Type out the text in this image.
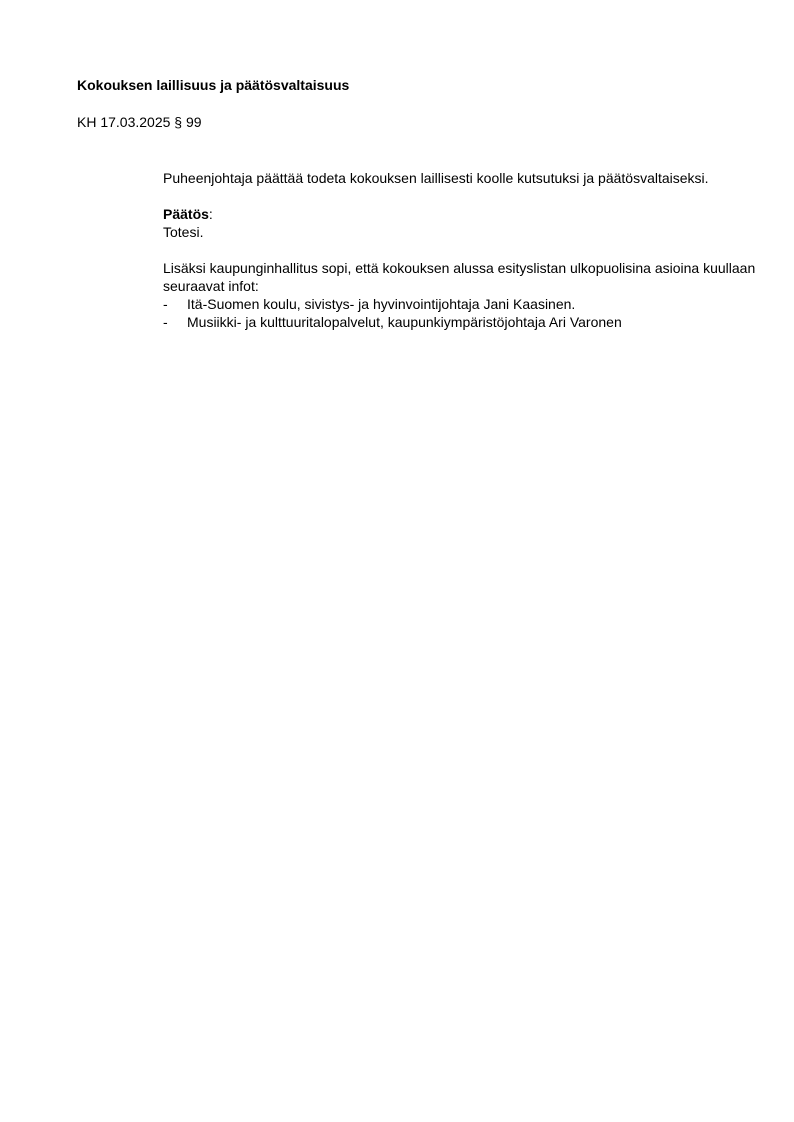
Kokouksen laillisuus ja päätösvaltaisuus
KH 17.03.2025 § 99

Puheenjohtaja päättää todeta kokouksen laillisesti koolle kutsutuksi ja päätösvaltaiseksi.

Päätös:

Totesi.

Lisäksi kaupunginhallitus sopi, että kokouksen alussa esityslistan ulkopuolisina asioina kuullaan seuraavat infot:

- Itä-Suomen koulu, sivistys- ja hyvinvointijohtaja Jani Kaasinen.
- Musiikki- ja kulttuuritalopalvelut, kaupunkiympäristöjohtaja Ari Varonen
